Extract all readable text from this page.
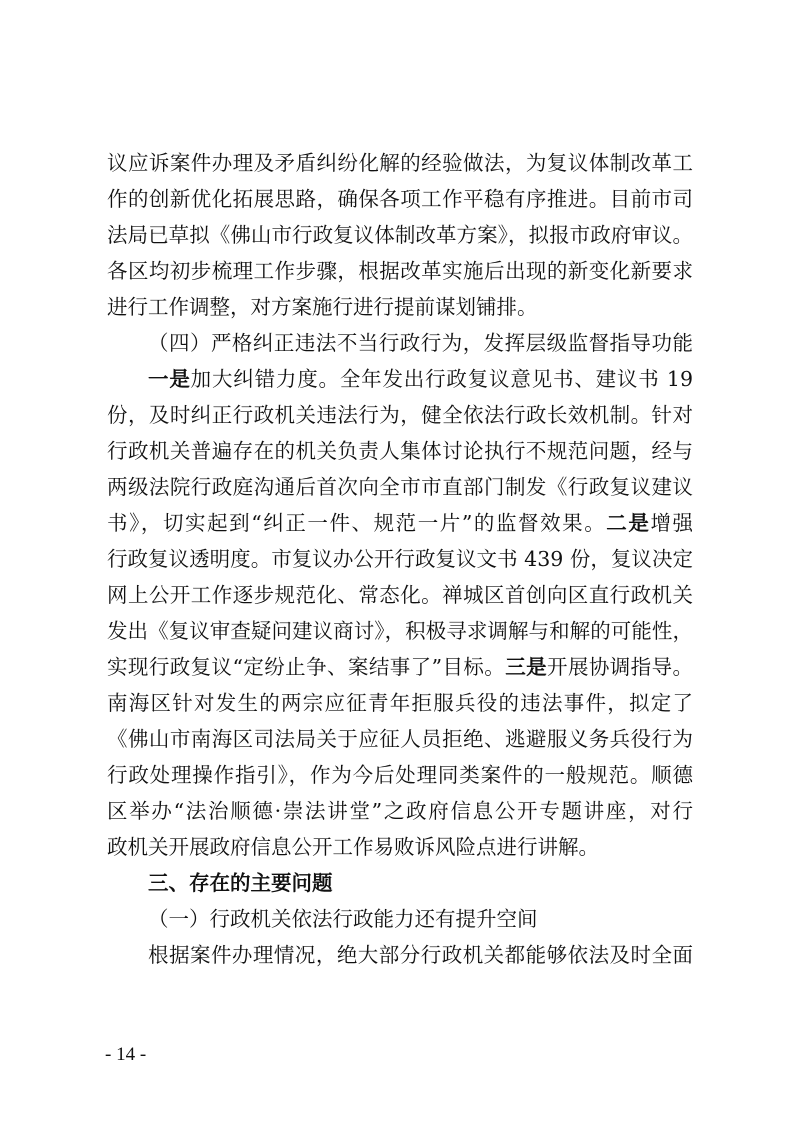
议应诉案件办理及矛盾纠纷化解的经验做法，为复议体制改革工
作的创新优化拓展思路，确保各项工作平稳有序推进。目前市司
法局已草拟《佛山市行政复议体制改革方案》，拟报市政府审议。
各区均初步梳理工作步骤，根据改革实施后出现的新变化新要求
进行工作调整，对方案施行进行提前谋划铺排。
（四）严格纠正违法不当行政行为，发挥层级监督指导功能
一是加大纠错力度。全年发出行政复议意见书、建议书 19
份，及时纠正行政机关违法行为，健全依法行政长效机制。针对
行政机关普遍存在的机关负责人集体讨论执行不规范问题，经与
两级法院行政庭沟通后首次向全市市直部门制发《行政复议建议
书》，切实起到“纠正一件、规范一片”的监督效果。二是增强
行政复议透明度。市复议办公开行政复议文书 439 份，复议决定
网上公开工作逐步规范化、常态化。禅城区首创向区直行政机关
发出《复议审查疑问建议商讨》，积极寻求调解与和解的可能性，
实现行政复议“定纷止争、案结事了”目标。三是开展协调指导。
南海区针对发生的两宗应征青年拒服兵役的违法事件，拟定了
《佛山市南海区司法局关于应征人员拒绝、逃避服义务兵役行为
行政处理操作指引》，作为今后处理同类案件的一般规范。顺德
区举办“法治顺德·崇法讲堂”之政府信息公开专题讲座，对行
政机关开展政府信息公开工作易败诉风险点进行讲解。
三、存在的主要问题
（一）行政机关依法行政能力还有提升空间
根据案件办理情况，绝大部分行政机关都能够依法及时全面
- 14 -
